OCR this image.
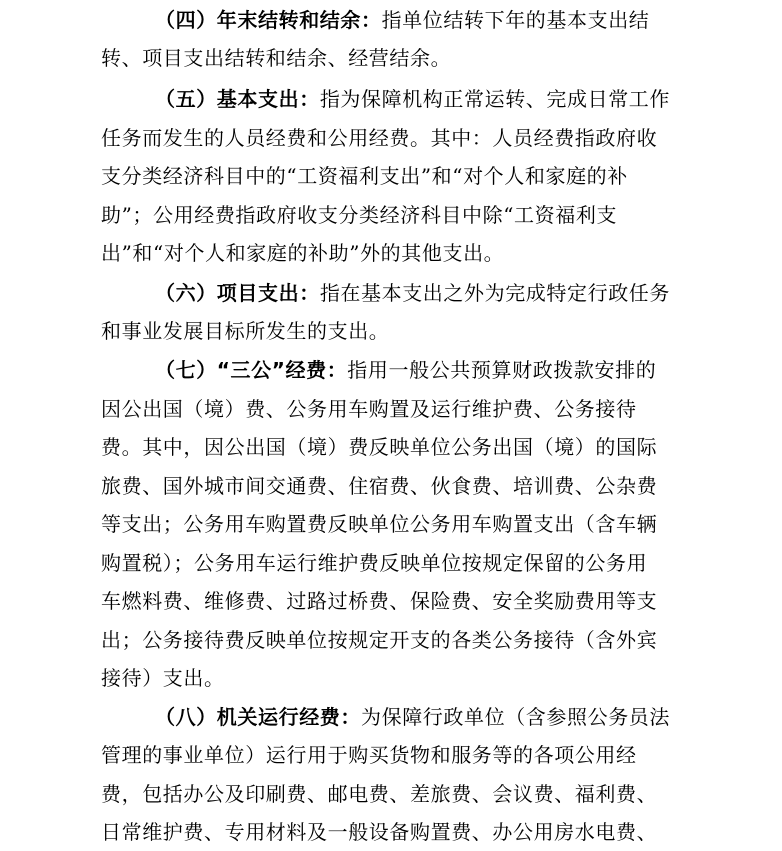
（四）年末结转和结余：指单位结转下年的基本支出结
转、项目支出结转和结余、经营结余。
（五）基本支出：指为保障机构正常运转、完成日常工作
任务而发生的人员经费和公用经费。其中：人员经费指政府收
支分类经济科目中的“工资福利支出”和“对个人和家庭的补
助”；公用经费指政府收支分类经济科目中除“工资福利支
出”和“对个人和家庭的补助”外的其他支出。
（六）项目支出：指在基本支出之外为完成特定行政任务
和事业发展目标所发生的支出。
（七）“三公”经费：指用一般公共预算财政拨款安排的
因公出国（境）费、公务用车购置及运行维护费、公务接待
费。其中，因公出国（境）费反映单位公务出国（境）的国际
旅费、国外城市间交通费、住宿费、伙食费、培训费、公杂费
等支出；公务用车购置费反映单位公务用车购置支出（含车辆
购置税）；公务用车运行维护费反映单位按规定保留的公务用
车燃料费、维修费、过路过桥费、保险费、安全奖励费用等支
出；公务接待费反映单位按规定开支的各类公务接待（含外宾
接待）支出。
（八）机关运行经费：为保障行政单位（含参照公务员法
管理的事业单位）运行用于购买货物和服务等的各项公用经
费，包括办公及印刷费、邮电费、差旅费、会议费、福利费、
日常维护费、专用材料及一般设备购置费、办公用房水电费、
